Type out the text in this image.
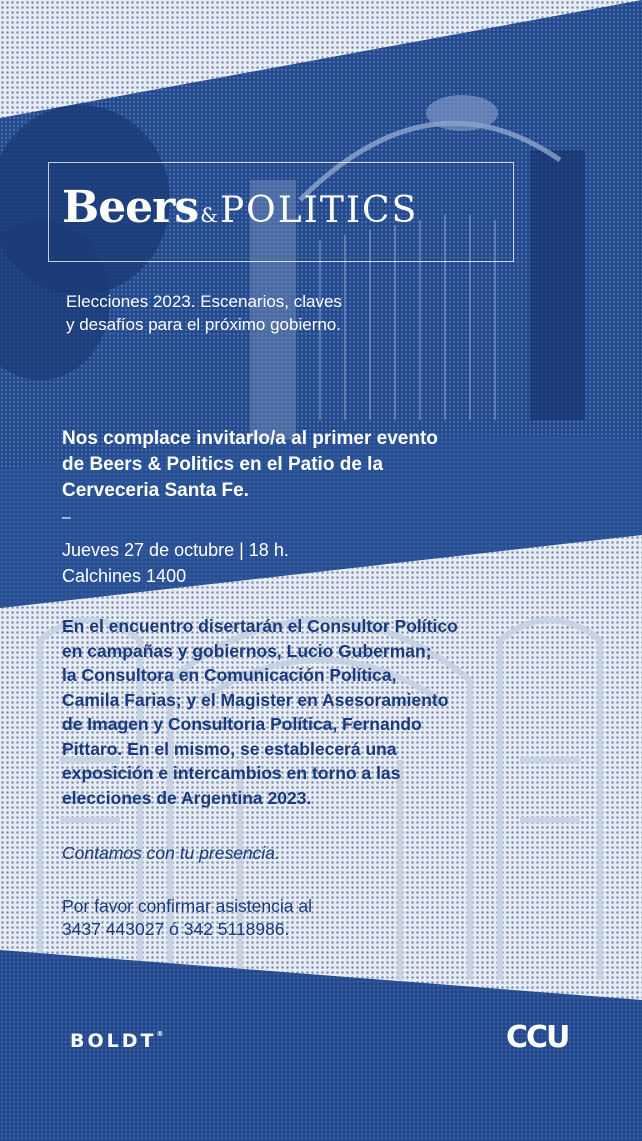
Beers &POLITICS
Elecciones 2023. Escenarios, claves
y desafíos para el próximo gobierno.
Nos complace invitarlo/a al primer evento
de Beers & Politics en el Patio de la
Cerveceria Santa Fe.
–
Jueves 27 de octubre | 18 h.
Calchines 1400
En el encuentro disertarán el Consultor Político
en campañas y gobiernos, Lucio Guberman;
la Consultora en Comunicación Política,
Camila Farias; y el Magister en Asesoramiento
de Imagen y Consultoria Política, Fernando
Pittaro. En el mismo, se establecerá una
exposición e intercambios en torno a las
elecciones de Argentina 2023.
Contamos con tu presencia.
Por favor confirmar asistencia al
3437 443027 ó 342 5118986.
BOLDT®	CCU
